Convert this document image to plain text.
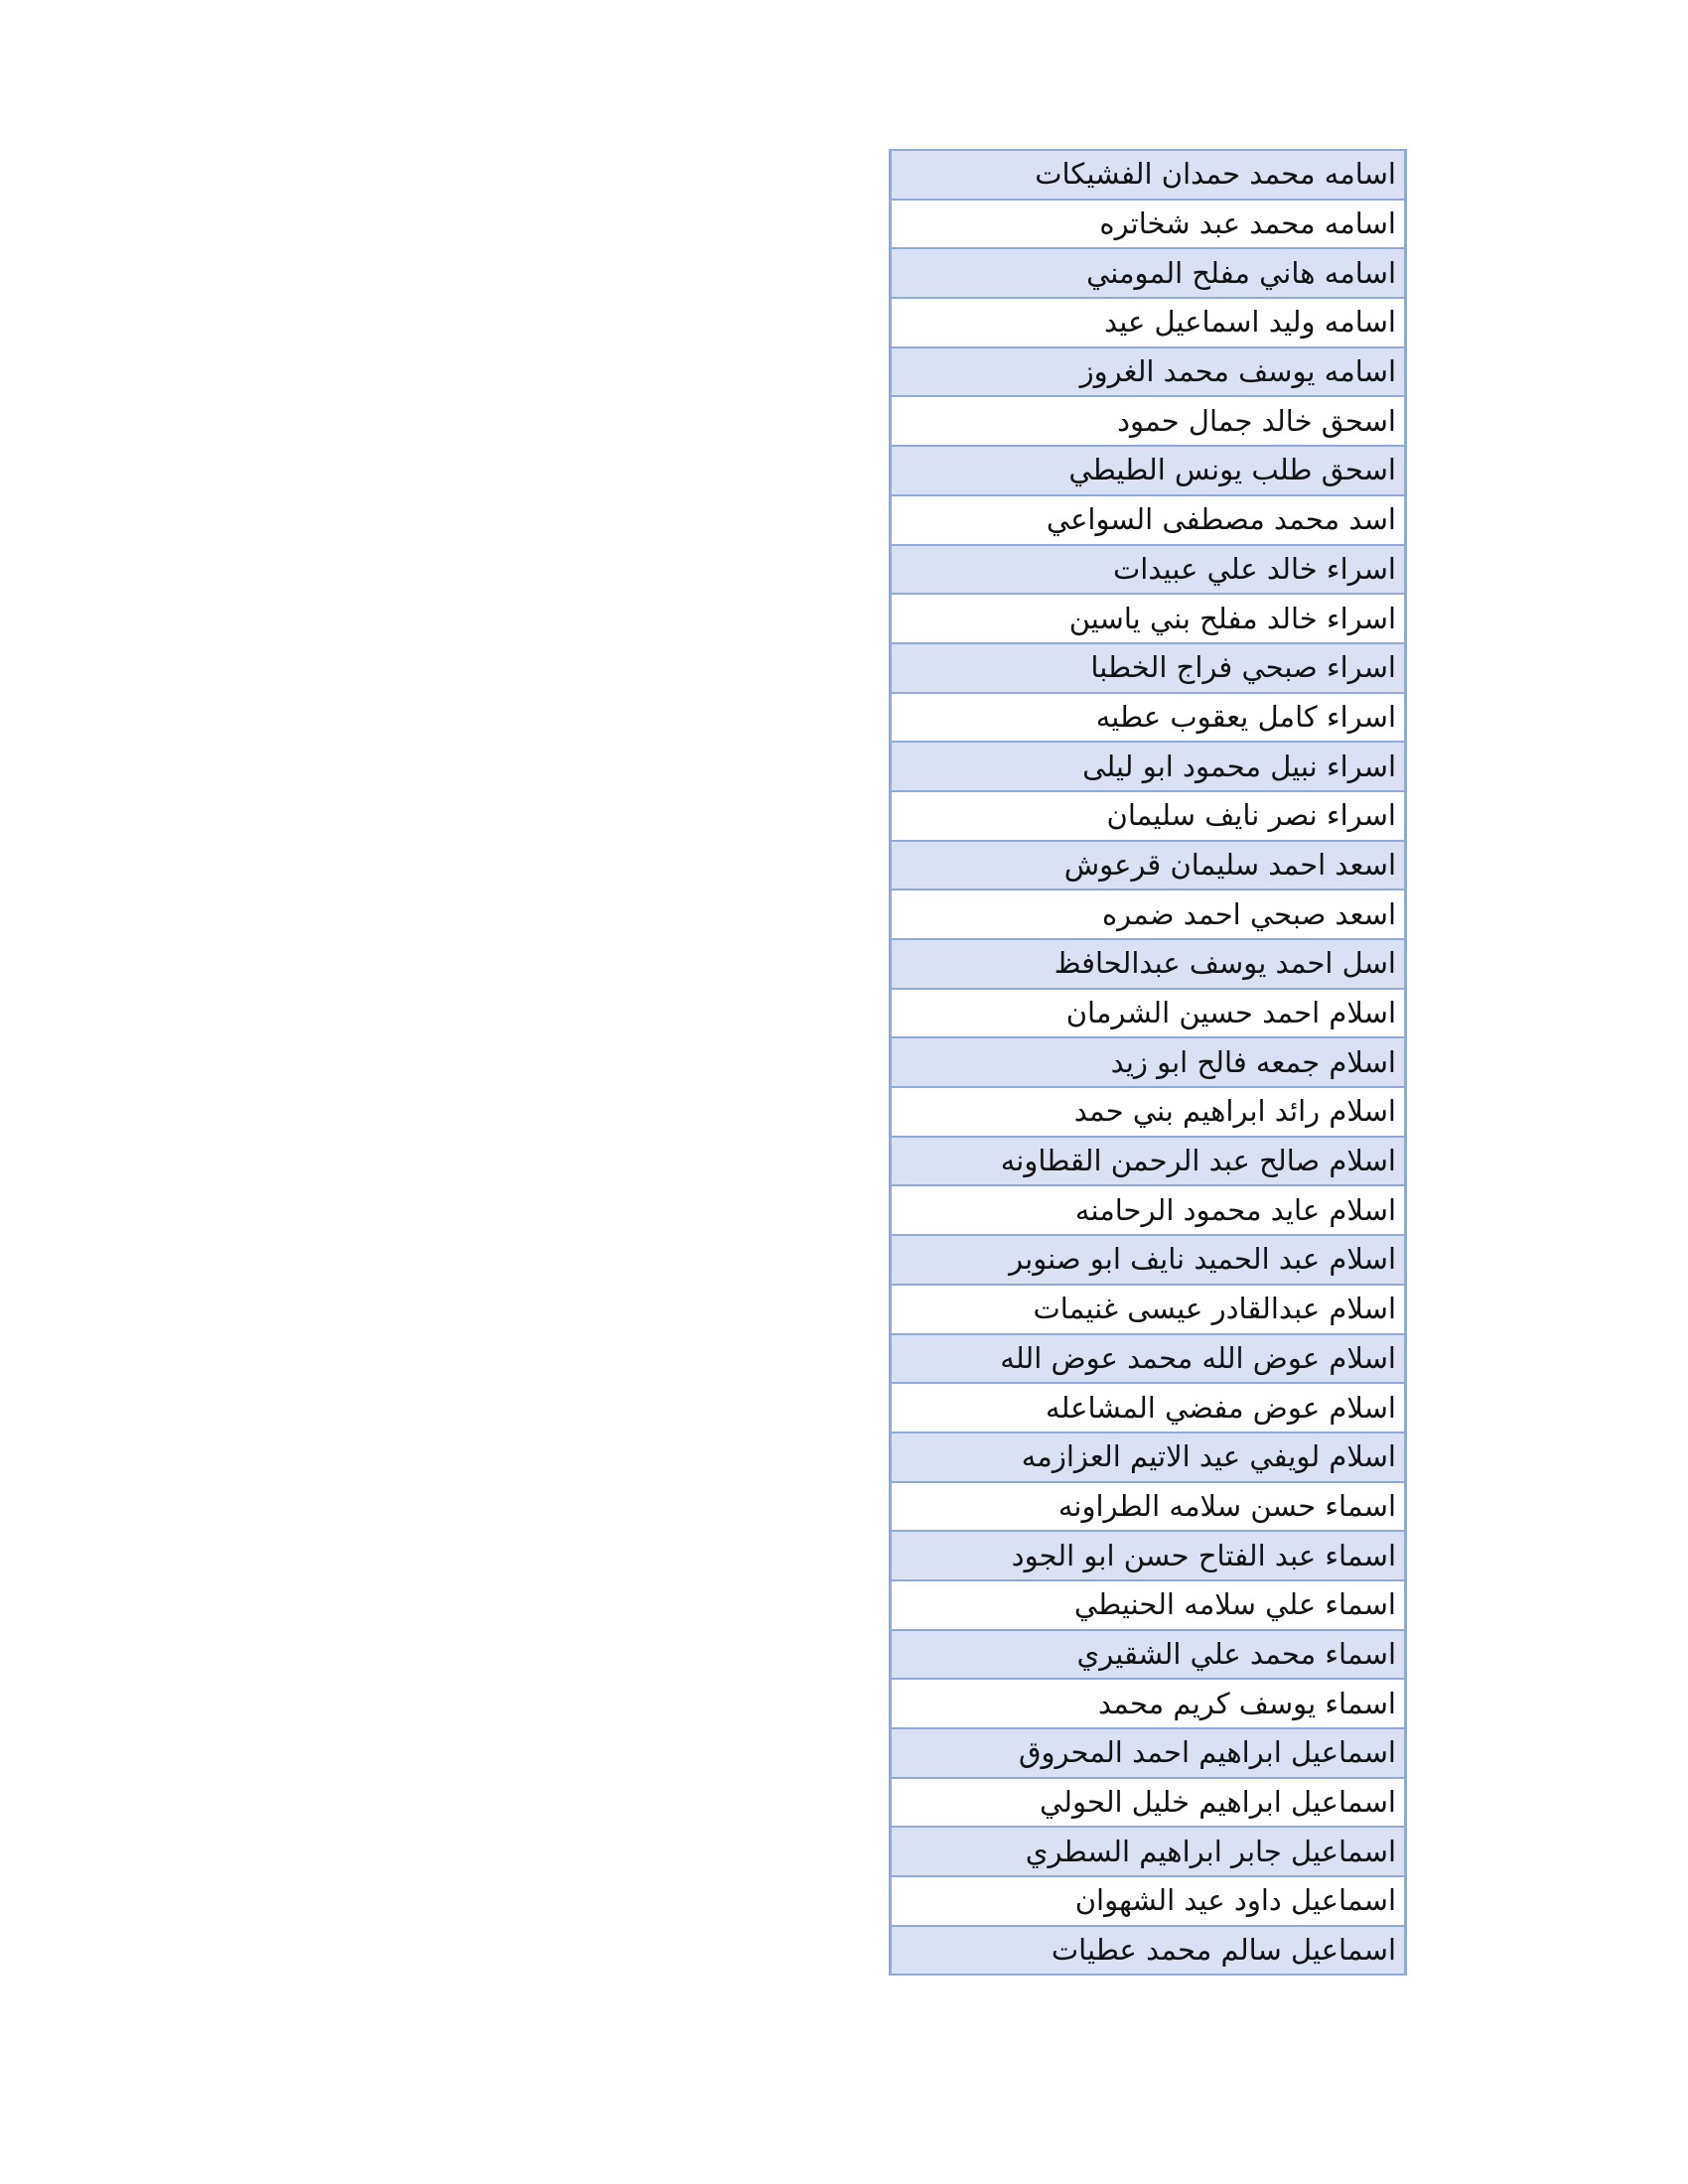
اسامه محمد حمدان الفشيكات
اسامه محمد عبد شخاتره
اسامه هاني مفلح المومني
اسامه وليد اسماعيل عيد
اسامه يوسف محمد الغروز
اسحق خالد جمال حمود
اسحق طلب يونس الطيطي
اسد محمد مصطفى السواعي
اسراء خالد علي عبيدات
اسراء خالد مفلح بني ياسين
اسراء صبحي فراج الخطبا
اسراء كامل يعقوب عطيه
اسراء نبيل محمود ابو ليلى
اسراء نصر نايف سليمان
اسعد احمد سليمان قرعوش
اسعد صبحي احمد ضمره
اسل احمد يوسف عبدالحافظ
اسلام احمد حسين الشرمان
اسلام جمعه فالح ابو زيد
اسلام رائد ابراهيم بني حمد
اسلام صالح عبد الرحمن القطاونه
اسلام عايد محمود الرحامنه
اسلام عبد الحميد نايف ابو صنوبر
اسلام عبدالقادر عيسى غنيمات
اسلام عوض الله محمد عوض الله
اسلام عوض مفضي المشاعله
اسلام لويفي عيد الاتيم العزازمه
اسماء حسن سلامه الطراونه
اسماء عبد الفتاح حسن ابو الجود
اسماء علي سلامه الحنيطي
اسماء محمد علي الشقيري
اسماء يوسف كريم محمد
اسماعيل ابراهيم احمد المحروق
اسماعيل ابراهيم خليل الحولي
اسماعيل جابر ابراهيم السطري
اسماعيل داود عيد الشهوان
اسماعيل سالم محمد عطيات
